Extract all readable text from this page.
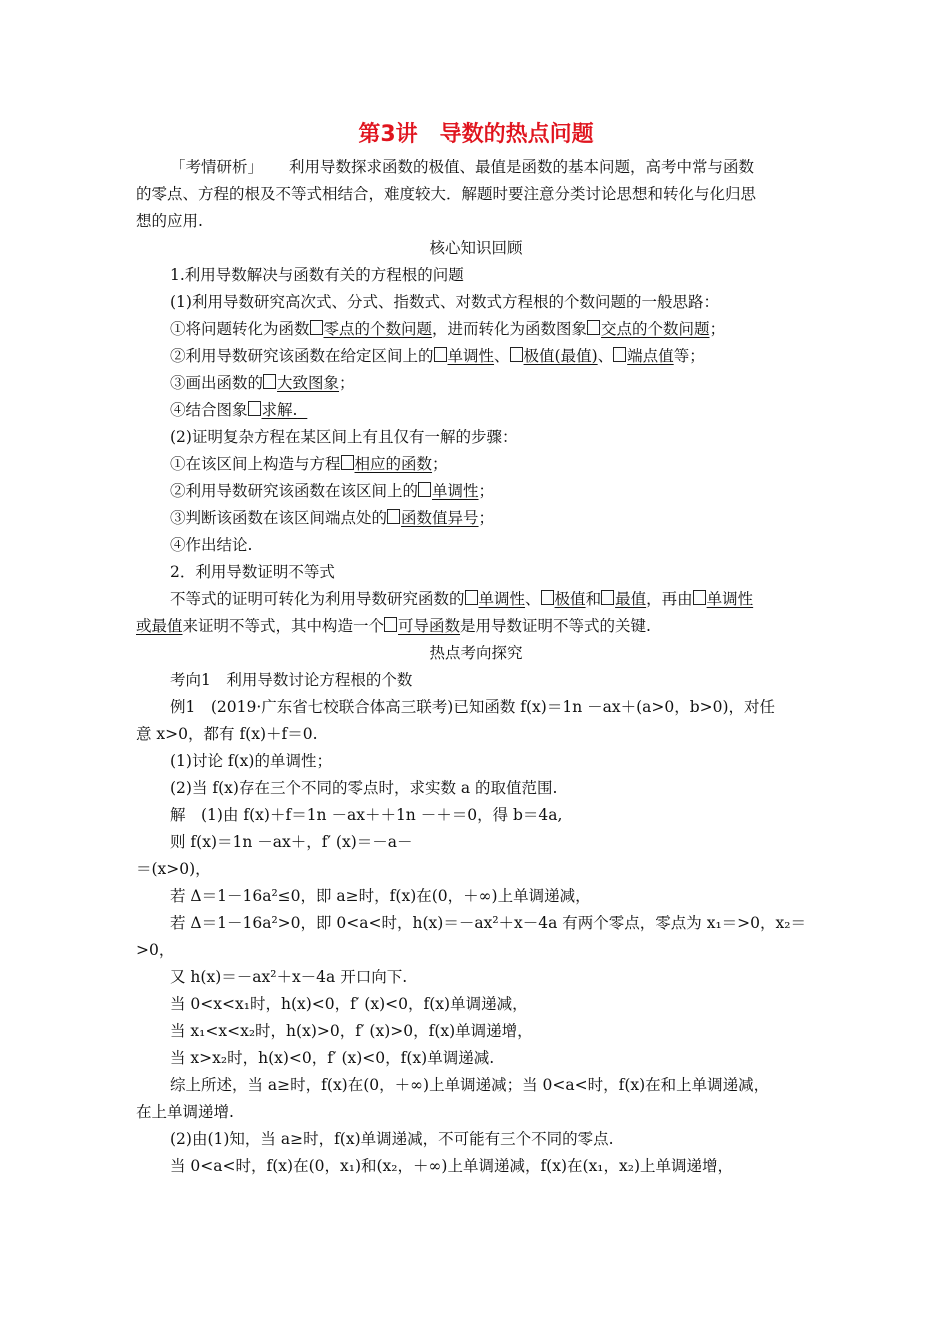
第3讲　导数的热点问题

「考情研析」 利用导数探求函数的极值、最值是函数的基本问题，高考中常与函数

的零点、方程的根及不等式相结合，难度较大．解题时要注意分类讨论思想和转化与化归思

想的应用.

核心知识回顾

1.利用导数解决与函数有关的方程根的问题

(1)利用导数研究高次式、分式、指数式、对数式方程根的个数问题的一般思路：

①将问题转化为函数 零点的个数问题，进而转化为函数图象 交点的个数问题；

②利用导数研究该函数在给定区间上的 单调性、 极值(最值)、 端点值等；

③画出函数的 大致图象；

④结合图象 求解.

(2)证明复杂方程在某区间上有且仅有一解的步骤：

①在该区间上构造与方程 相应的函数；

②利用导数研究该函数在该区间上的 单调性；

③判断该函数在该区间端点处的 函数值异号；

④作出结论.

2．利用导数证明不等式

不等式的证明可转化为利用导数研究函数的 单调性、 极值和 最值，再由 单调性

或最值来证明不等式，其中构造一个 可导函数是用导数证明不等式的关键.

热点考向探究

考向1　利用导数讨论方程根的个数

例1　(2019·广东省七校联合体高三联考)已知函数 f(x)＝1n －ax＋(a>0，b>0)，对任

意 x>0，都有 f(x)＋f＝0.

(1)讨论 f(x)的单调性；

(2)当 f(x)存在三个不同的零点时，求实数 a 的取值范围.

解　(1)由 f(x)＋f＝1n －ax＋＋1n －＋＝0，得 b＝4a,

则 f(x)＝1n －ax＋，f′ (x)＝－a－

＝(x>0)，

若 Δ＝1－16a²≤0，即 a≥时，f(x)在(0，＋∞)上单调递减，

若 Δ＝1－16a²>0，即 0<a<时，h(x)＝－ax²＋x－4a 有两个零点，零点为 x₁＝>0，x₂＝

>0，

又 h(x)＝－ax²＋x－4a 开口向下.

当 0<x<x₁时，h(x)<0，f′ (x)<0，f(x)单调递减，

当 x₁<x<x₂时，h(x)>0，f′ (x)>0，f(x)单调递增，

当 x>x₂时，h(x)<0，f′ (x)<0，f(x)单调递减.

综上所述，当 a≥时，f(x)在(0，＋∞)上单调递减；当 0<a<时，f(x)在和上单调递减，

在上单调递增.

(2)由(1)知，当 a≥时，f(x)单调递减，不可能有三个不同的零点.

当 0<a<时，f(x)在(0，x₁)和(x₂，＋∞)上单调递减，f(x)在(x₁，x₂)上单调递增，
